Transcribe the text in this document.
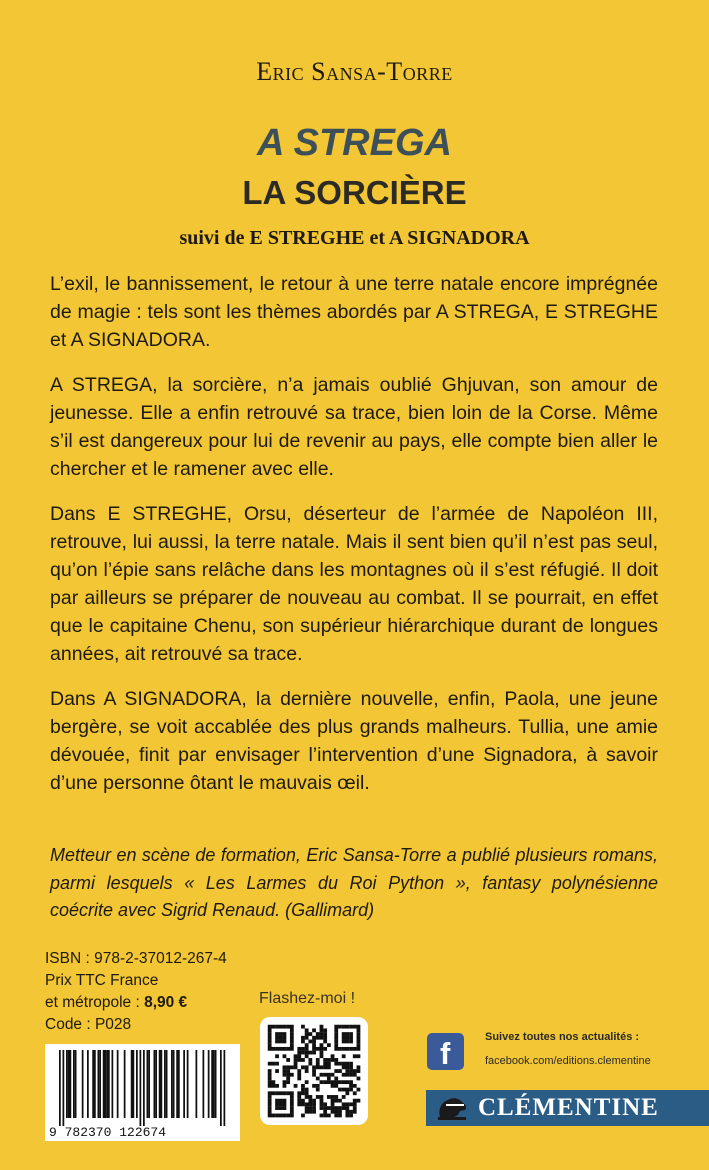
Eric Sansa-Torre
A STREGA
LA SORCIÈRE
suivi de E STREGHE et A SIGNADORA

L’exil, le bannissement, le retour à une terre natale encore imprégnée de magie : tels sont les thèmes abordés par A STREGA, E STREGHE et A SIGNADORA.

A STREGA, la sorcière, n’a jamais oublié Ghjuvan, son amour de jeunesse. Elle a enfin retrouvé sa trace, bien loin de la Corse. Même s’il est dangereux pour lui de revenir au pays, elle compte bien aller le chercher et le ramener avec elle.

Dans E STREGHE, Orsu, déserteur de l’armée de Napoléon III, retrouve, lui aussi, la terre natale. Mais il sent bien qu’il n’est pas seul, qu’on l’épie sans relâche dans les montagnes où il s’est réfugié. Il doit par ailleurs se préparer de nouveau au combat. Il se pourrait, en effet que le capitaine Chenu, son supérieur hiérarchique durant de longues années, ait retrouvé sa trace.

Dans A SIGNADORA, la dernière nouvelle, enfin, Paola, une jeune bergère, se voit accablée des plus grands malheurs. Tullia, une amie dévouée, finit par envisager l’intervention d’une Signadora, à savoir d’une personne ôtant le mauvais œil.

Metteur en scène de formation, Eric Sansa-Torre a publié plusieurs romans, parmi lesquels « Les Larmes du Roi Python », fantasy polynésienne coécrite avec Sigrid Renaud. (Gallimard)
ISBN : 978-2-37012-267-4
Prix TTC France
et métropole : 8,90 €
Code : P028
9 782370 122674
Flashez-moi !
f	Suivez toutes nos actualités :
facebook.com/editions.clementine
CLÉMENTINE
